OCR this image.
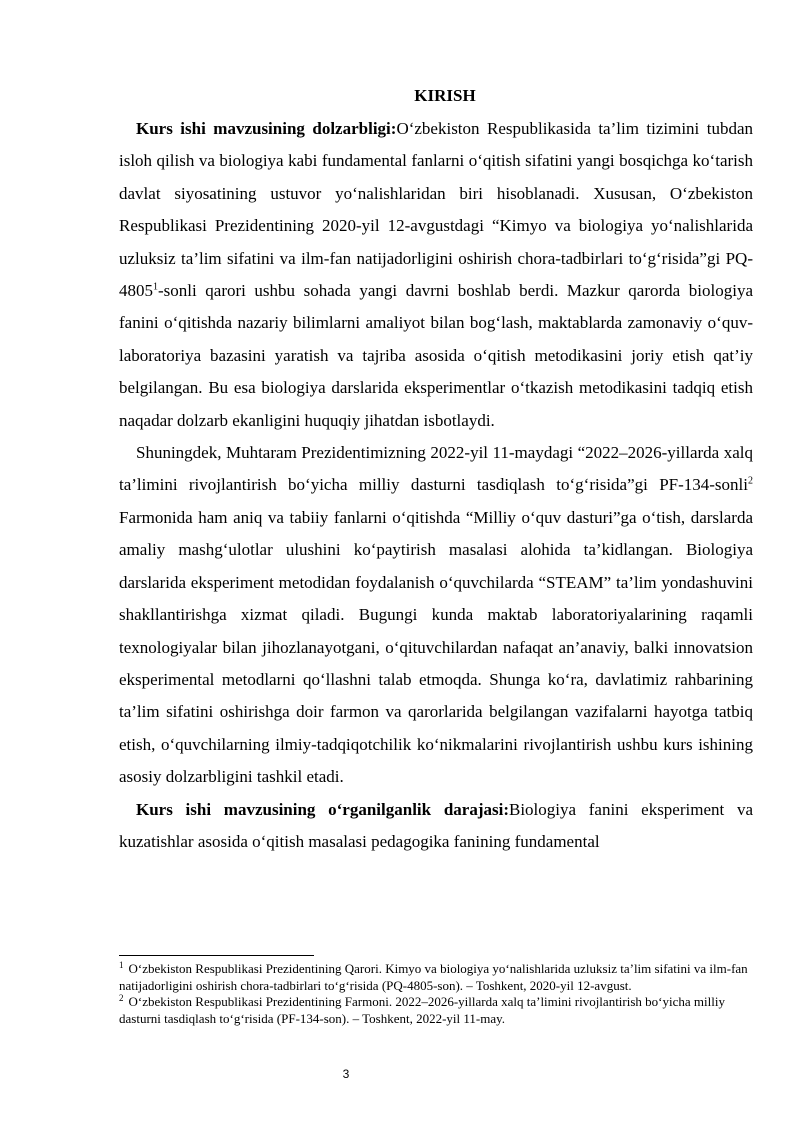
KIRISH

Kurs ishi mavzusining dolzarbligi:O‘zbekiston Respublikasida ta’lim tizimini tubdan isloh qilish va biologiya kabi fundamental fanlarni o‘qitish sifatini yangi bosqichga ko‘tarish davlat siyosatining ustuvor yo‘nalishlaridan biri hisoblanadi. Xususan, O‘zbekiston Respublikasi Prezidentining 2020-yil 12-avgustdagi “Kimyo va biologiya yo‘nalishlarida uzluksiz ta’lim sifatini va ilm-fan natijadorligini oshirish chora-tadbirlari to‘g‘risida”gi PQ-4805$^1$-sonli qarori ushbu sohada yangi davrni boshlab berdi. Mazkur qarorda biologiya fanini o‘qitishda nazariy bilimlarni amaliyot bilan bog‘lash, maktablarda zamonaviy o‘quv-laboratoriya bazasini yaratish va tajriba asosida o‘qitish metodikasini joriy etish qat’iy belgilangan. Bu esa biologiya darslarida eksperimentlar o‘tkazish metodikasini tadqiq etish naqadar dolzarb ekanligini huquqiy jihatdan isbotlaydi.

Shuningdek, Muhtaram Prezidentimizning 2022-yil 11-maydagi “2022–2026-yillarda xalq ta’limini rivojlantirish bo‘yicha milliy dasturni tasdiqlash to‘g‘risida”gi PF-134-sonli$^2$ Farmonida ham aniq va tabiiy fanlarni o‘qitishda “Milliy o‘quv dasturi”ga o‘tish, darslarda amaliy mashg‘ulotlar ulushini ko‘paytirish masalasi alohida ta’kidlangan. Biologiya darslarida eksperiment metodidan foydalanish o‘quvchilarda “STEAM” ta’lim yondashuvini shakllantirishga xizmat qiladi. Bugungi kunda maktab laboratoriyalarining raqamli texnologiyalar bilan jihozlanayotgani, o‘qituvchilardan nafaqat an’anaviy, balki innovatsion eksperimental metodlarni qo‘llashni talab etmoqda. Shunga ko‘ra, davlatimiz rahbarining ta’lim sifatini oshirishga doir farmon va qarorlarida belgilangan vazifalarni hayotga tatbiq etish, o‘quvchilarning ilmiy-tadqiqotchilik ko‘nikmalarini rivojlantirish ushbu kurs ishining asosiy dolzarbligini tashkil etadi.

Kurs ishi mavzusining o‘rganilganlik darajasi:Biologiya fanini eksperiment va kuzatishlar asosida o‘qitish masalasi pedagogika fanining fundamental

$^1$ O‘zbekiston Respublikasi Prezidentining Qarori. Kimyo va biologiya yo‘nalishlarida uzluksiz ta’lim sifatini va ilm-fan natijadorligini oshirish chora-tadbirlari to‘g‘risida (PQ-4805-son). – Toshkent, 2020-yil 12-avgust.

$^2$ O‘zbekiston Respublikasi Prezidentining Farmoni. 2022–2026-yillarda xalq ta’limini rivojlantirish bo‘yicha milliy dasturni tasdiqlash to‘g‘risida (PF-134-son). – Toshkent, 2022-yil 11-may.

3
